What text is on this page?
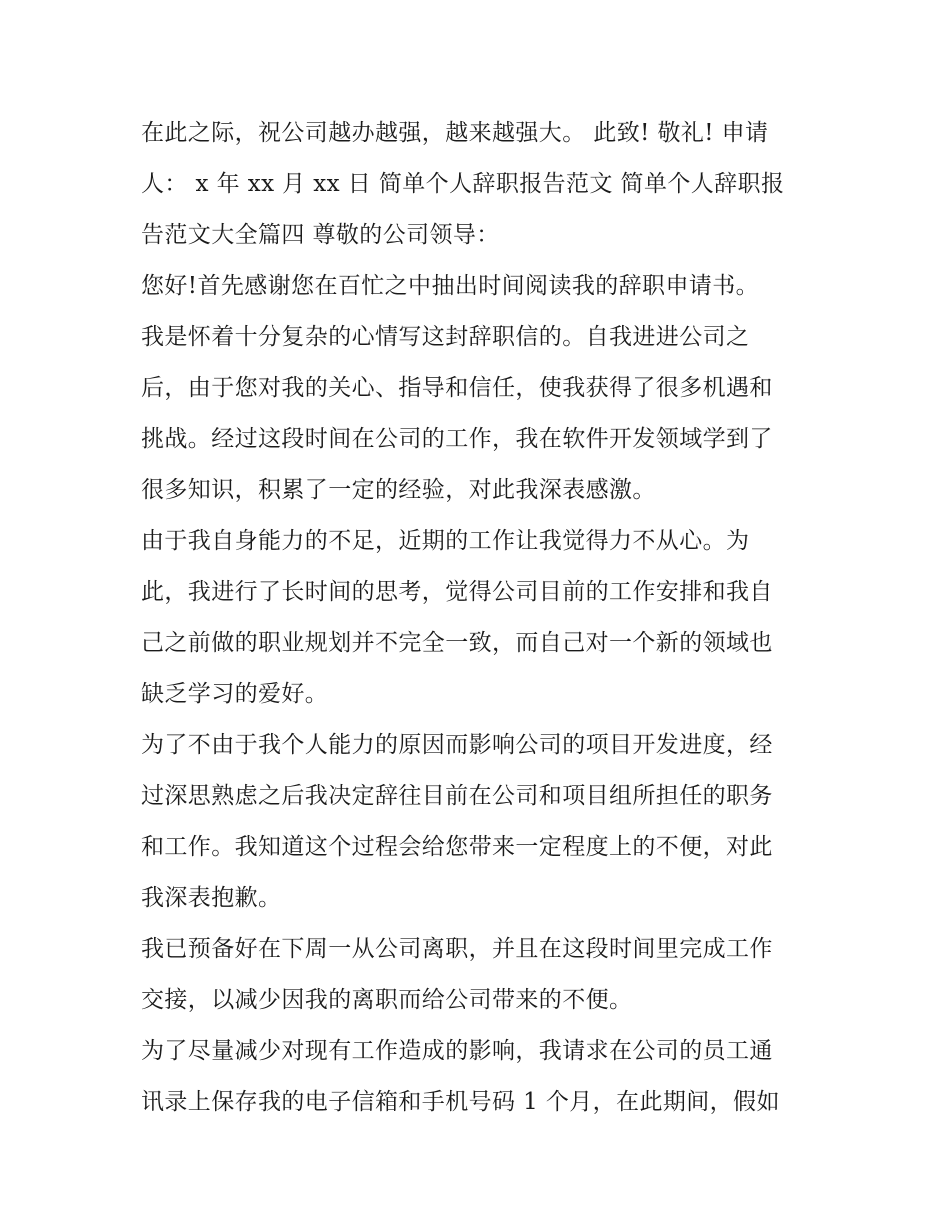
在此之际，祝公司越办越强，越来越强大。 此致! 敬礼! 申请
人： x 年 xx 月 xx 日 简单个人辞职报告范文 简单个人辞职报
告范文大全篇四 尊敬的公司领导：

您好!首先感谢您在百忙之中抽出时间阅读我的辞职申请书。

我是怀着十分复杂的心情写这封辞职信的。自我进进公司之
后，由于您对我的关心、指导和信任，使我获得了很多机遇和
挑战。经过这段时间在公司的工作，我在软件开发领域学到了
很多知识，积累了一定的经验，对此我深表感激。

由于我自身能力的不足，近期的工作让我觉得力不从心。为
此，我进行了长时间的思考，觉得公司目前的工作安排和我自
己之前做的职业规划并不完全一致，而自己对一个新的领域也
缺乏学习的爱好。

为了不由于我个人能力的原因而影响公司的项目开发进度，经
过深思熟虑之后我决定辞往目前在公司和项目组所担任的职务
和工作。我知道这个过程会给您带来一定程度上的不便，对此
我深表抱歉。

我已预备好在下周一从公司离职，并且在这段时间里完成工作
交接，以减少因我的离职而给公司带来的不便。

为了尽量减少对现有工作造成的影响，我请求在公司的员工通
讯录上保存我的电子信箱和手机号码 1 个月，在此期间，假如
